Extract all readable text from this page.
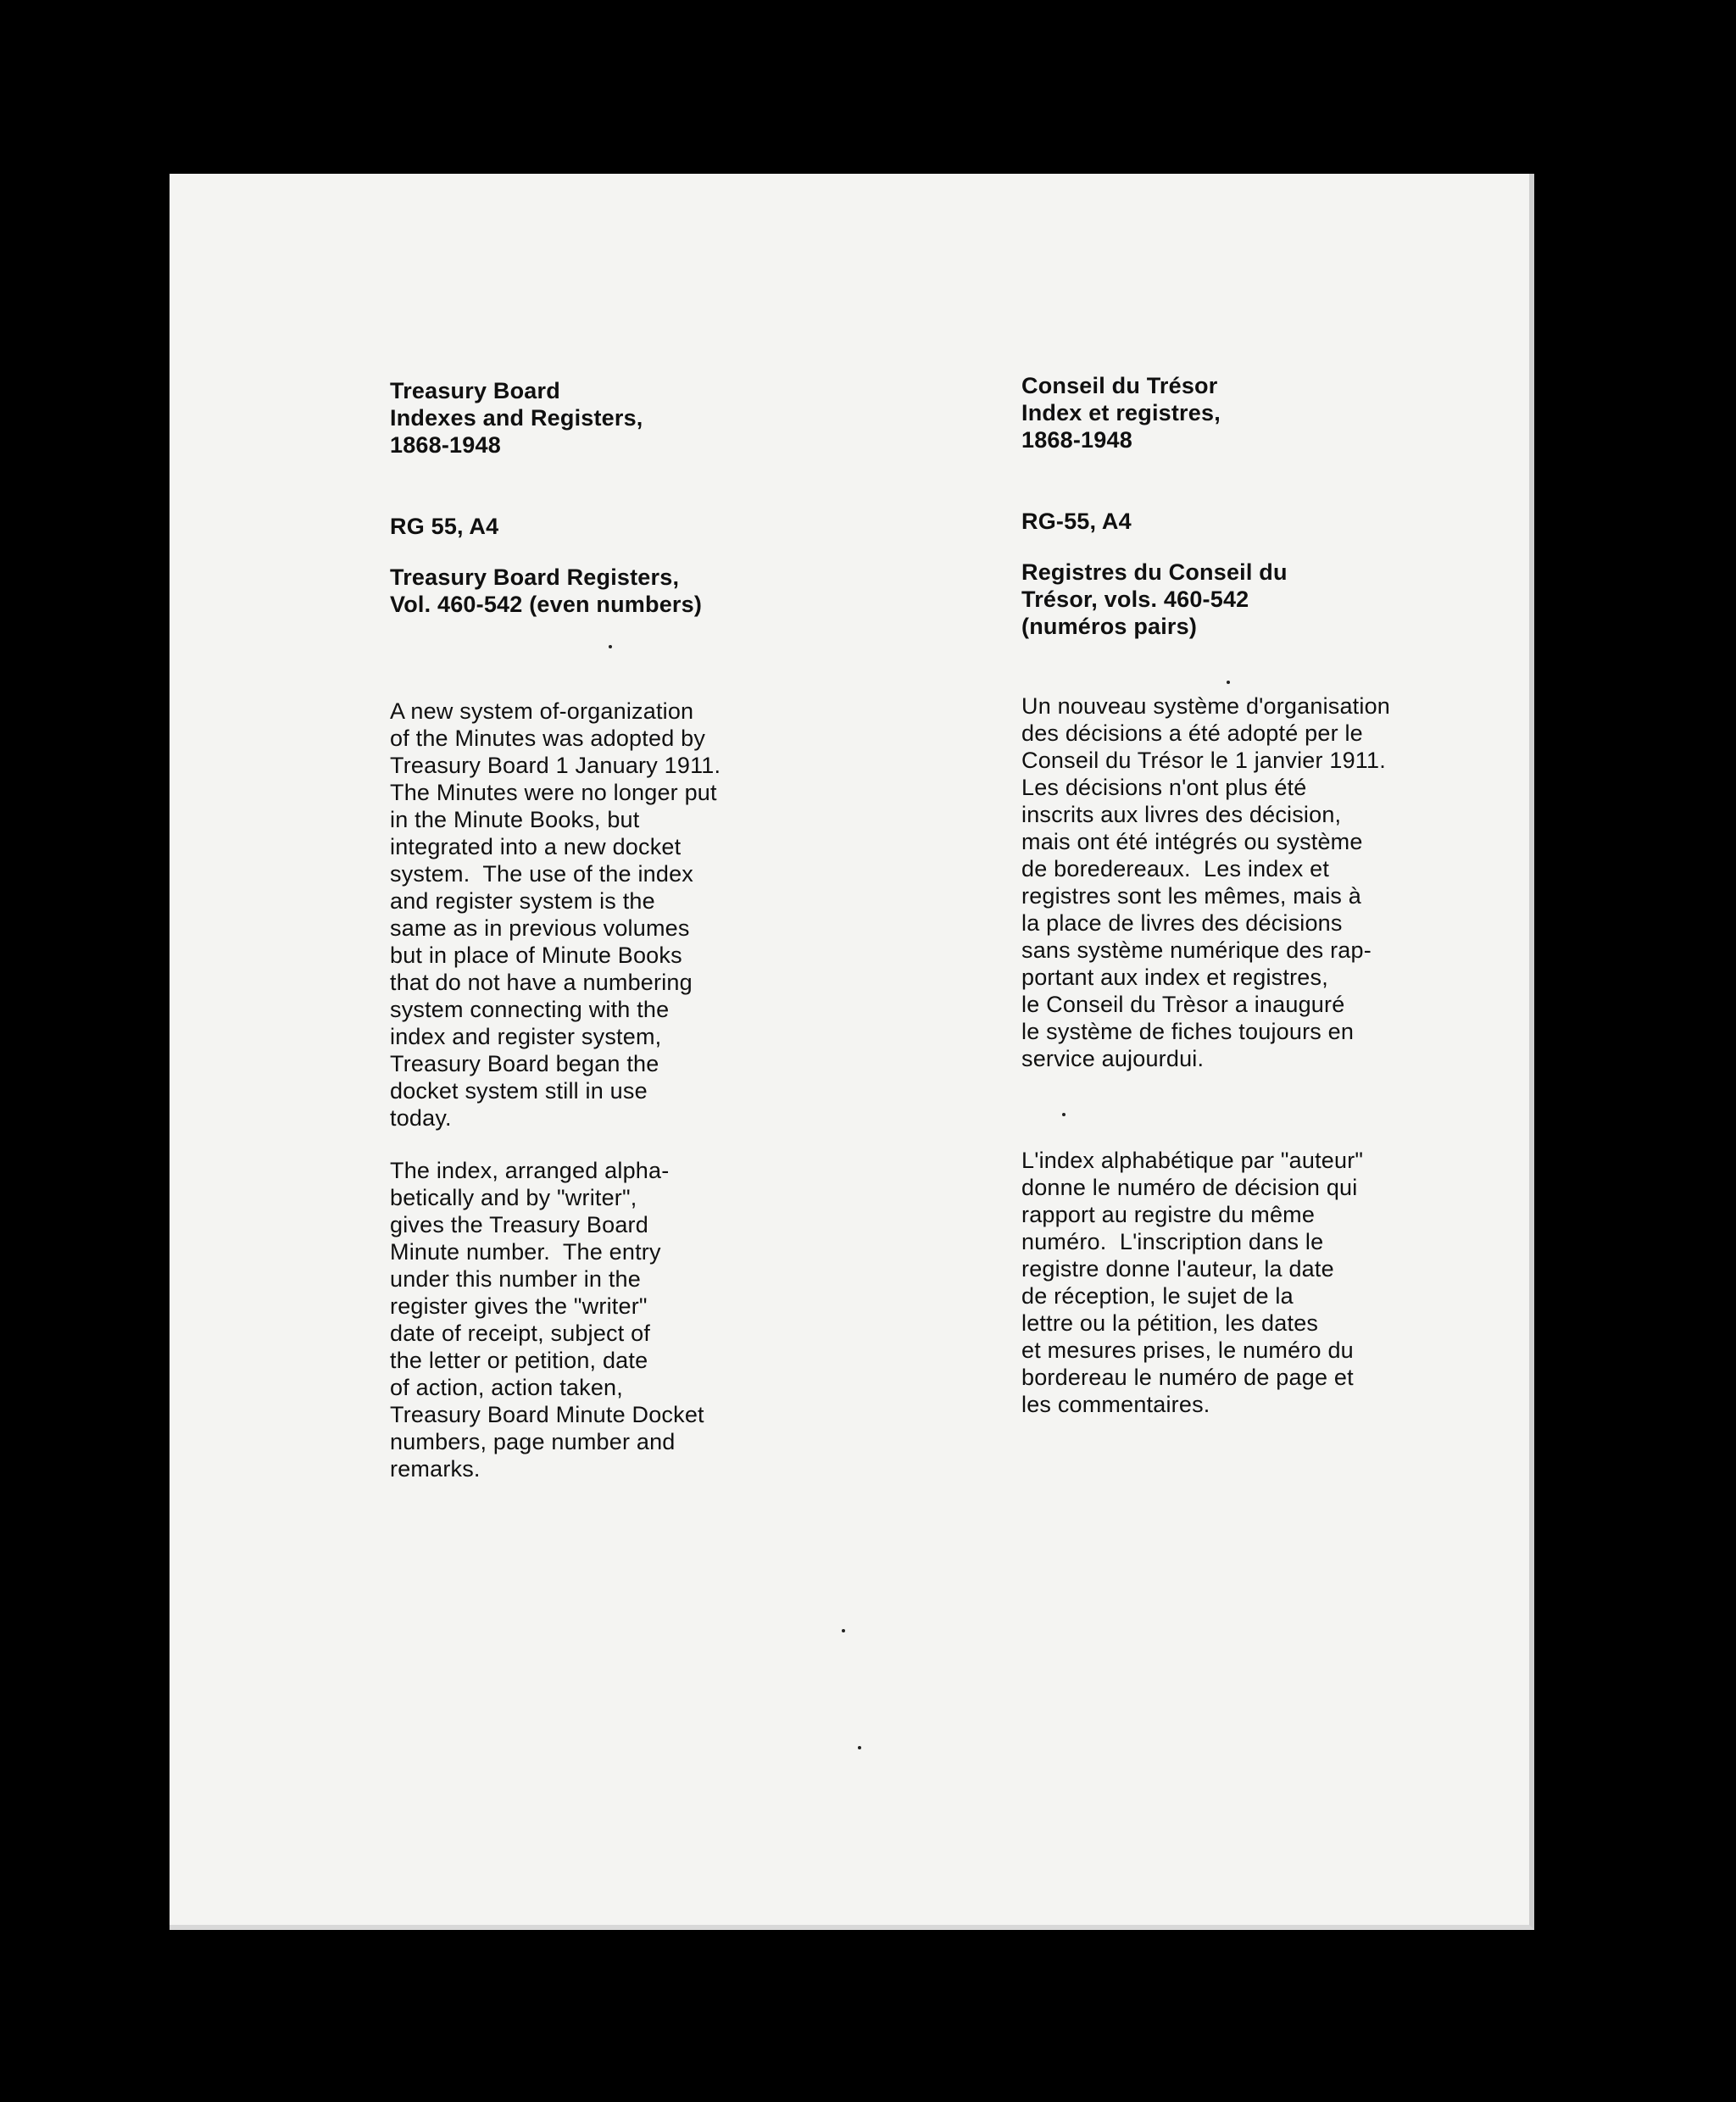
Treasury Board
Indexes and Registers,
1868-1948
RG 55, A4
Treasury Board Registers,
Vol. 460-542 (even numbers)
A new system of-organization
of the Minutes was adopted by
Treasury Board 1 January 1911.
The Minutes were no longer put
in the Minute Books, but
integrated into a new docket
system.  The use of the index
and register system is the
same as in previous volumes
but in place of Minute Books
that do not have a numbering
system connecting with the
index and register system,
Treasury Board began the
docket system still in use
today.
The index, arranged alpha-
betically and by "writer",
gives the Treasury Board
Minute number.  The entry
under this number in the
register gives the "writer"
date of receipt, subject of
the letter or petition, date
of action, action taken,
Treasury Board Minute Docket
numbers, page number and
remarks.
Conseil du Trésor
Index et registres,
1868-1948
RG-55, A4
Registres du Conseil du
Trésor, vols. 460-542
(numéros pairs)
Un nouveau système d'organisation
des décisions a été adopté per le
Conseil du Trésor le 1 janvier 1911.
Les décisions n'ont plus été
inscrits aux livres des décision,
mais ont été intégrés ou système
de boredereaux.  Les index et
registres sont les mêmes, mais à
la place de livres des décisions
sans système numérique des rap-
portant aux index et registres,
le Conseil du Trèsor a inauguré
le système de fiches toujours en
service aujourdui.
L'index alphabétique par "auteur"
donne le numéro de décision qui
rapport au registre du même
numéro.  L'inscription dans le
registre donne l'auteur, la date
de réception, le sujet de la
lettre ou la pétition, les dates
et mesures prises, le numéro du
bordereau le numéro de page et
les commentaires.
